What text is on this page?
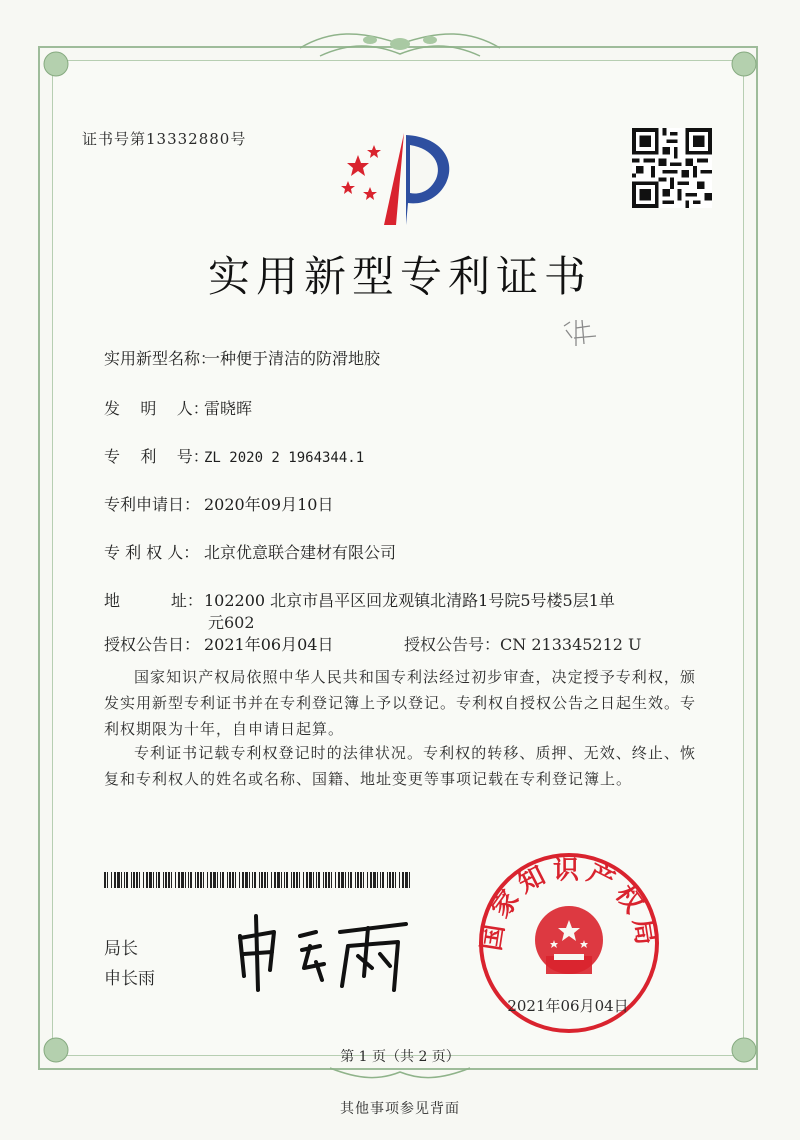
证书号第13332880号
实用新型专利证书
实用新型名称：一种便于清洁的防滑地胶
发    明    人：雷晓晖
专    利    号：ZL 2020 2 1964344.1
专利申请日： 2020年09月10日
专 利 权 人： 北京优意联合建材有限公司
地          址：102200 北京市昌平区回龙观镇北清路1号院5号楼5层1单
元602
授权公告日： 2021年06月04日	授权公告号：CN 213345212 U
国家知识产权局依照中华人民共和国专利法经过初步审查，决定授予专利权，颁发实用新型专利证书并在专利登记簿上予以登记。专利权自授权公告之日起生效。专利权期限为十年，自申请日起算。
专利证书记载专利权登记时的法律状况。专利权的转移、质押、无效、终止、恢复和专利权人的姓名或名称、国籍、地址变更等事项记载在专利登记簿上。
局长
申长雨
国家知识产权局
2021年06月04日
第 1 页（共 2 页）
其他事项参见背面
